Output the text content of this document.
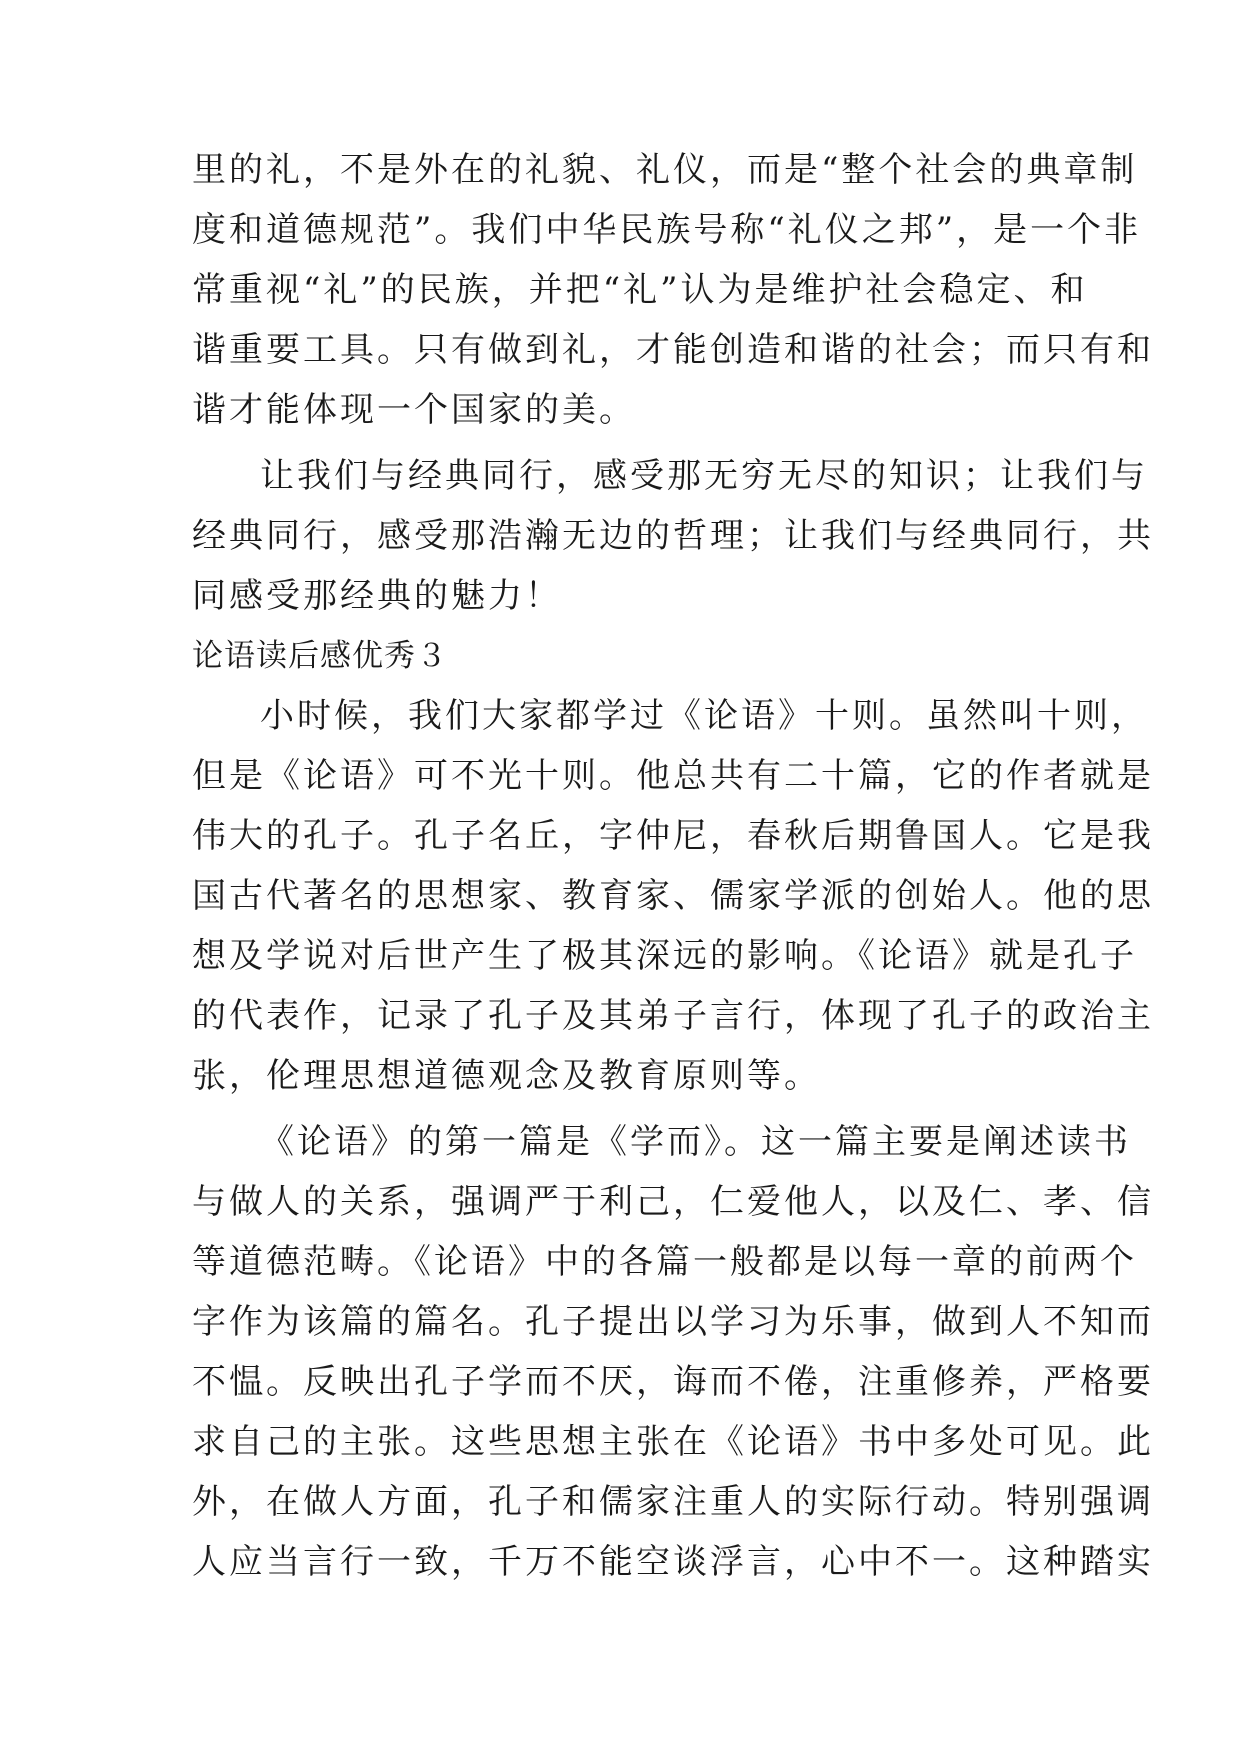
里的礼，不是外在的礼貌、礼仪，而是“整个社会的典章制
度和道德规范”。我们中华民族号称“礼仪之邦”，是一个非
常重视“礼”的民族，并把“礼”认为是维护社会稳定、和
谐重要工具。只有做到礼，才能创造和谐的社会；而只有和
谐才能体现一个国家的美。
让我们与经典同行，感受那无穷无尽的知识；让我们与
经典同行，感受那浩瀚无边的哲理；让我们与经典同行，共
同感受那经典的魅力！
论语读后感优秀３
小时候，我们大家都学过《论语》十则。虽然叫十则，
但是《论语》可不光十则。他总共有二十篇，它的作者就是
伟大的孔子。孔子名丘，字仲尼，春秋后期鲁国人。它是我
国古代著名的思想家、教育家、儒家学派的创始人。他的思
想及学说对后世产生了极其深远的影响。《论语》就是孔子
的代表作，记录了孔子及其弟子言行，体现了孔子的政治主
张，伦理思想道德观念及教育原则等。
《论语》的第一篇是《学而》。这一篇主要是阐述读书
与做人的关系，强调严于利己，仁爱他人，以及仁、孝、信
等道德范畴。《论语》中的各篇一般都是以每一章的前两个
字作为该篇的篇名。孔子提出以学习为乐事，做到人不知而
不愠。反映出孔子学而不厌，诲而不倦，注重修养，严格要
求自己的主张。这些思想主张在《论语》书中多处可见。此
外，在做人方面，孔子和儒家注重人的实际行动。特别强调
人应当言行一致，千万不能空谈浮言，心中不一。这种踏实
